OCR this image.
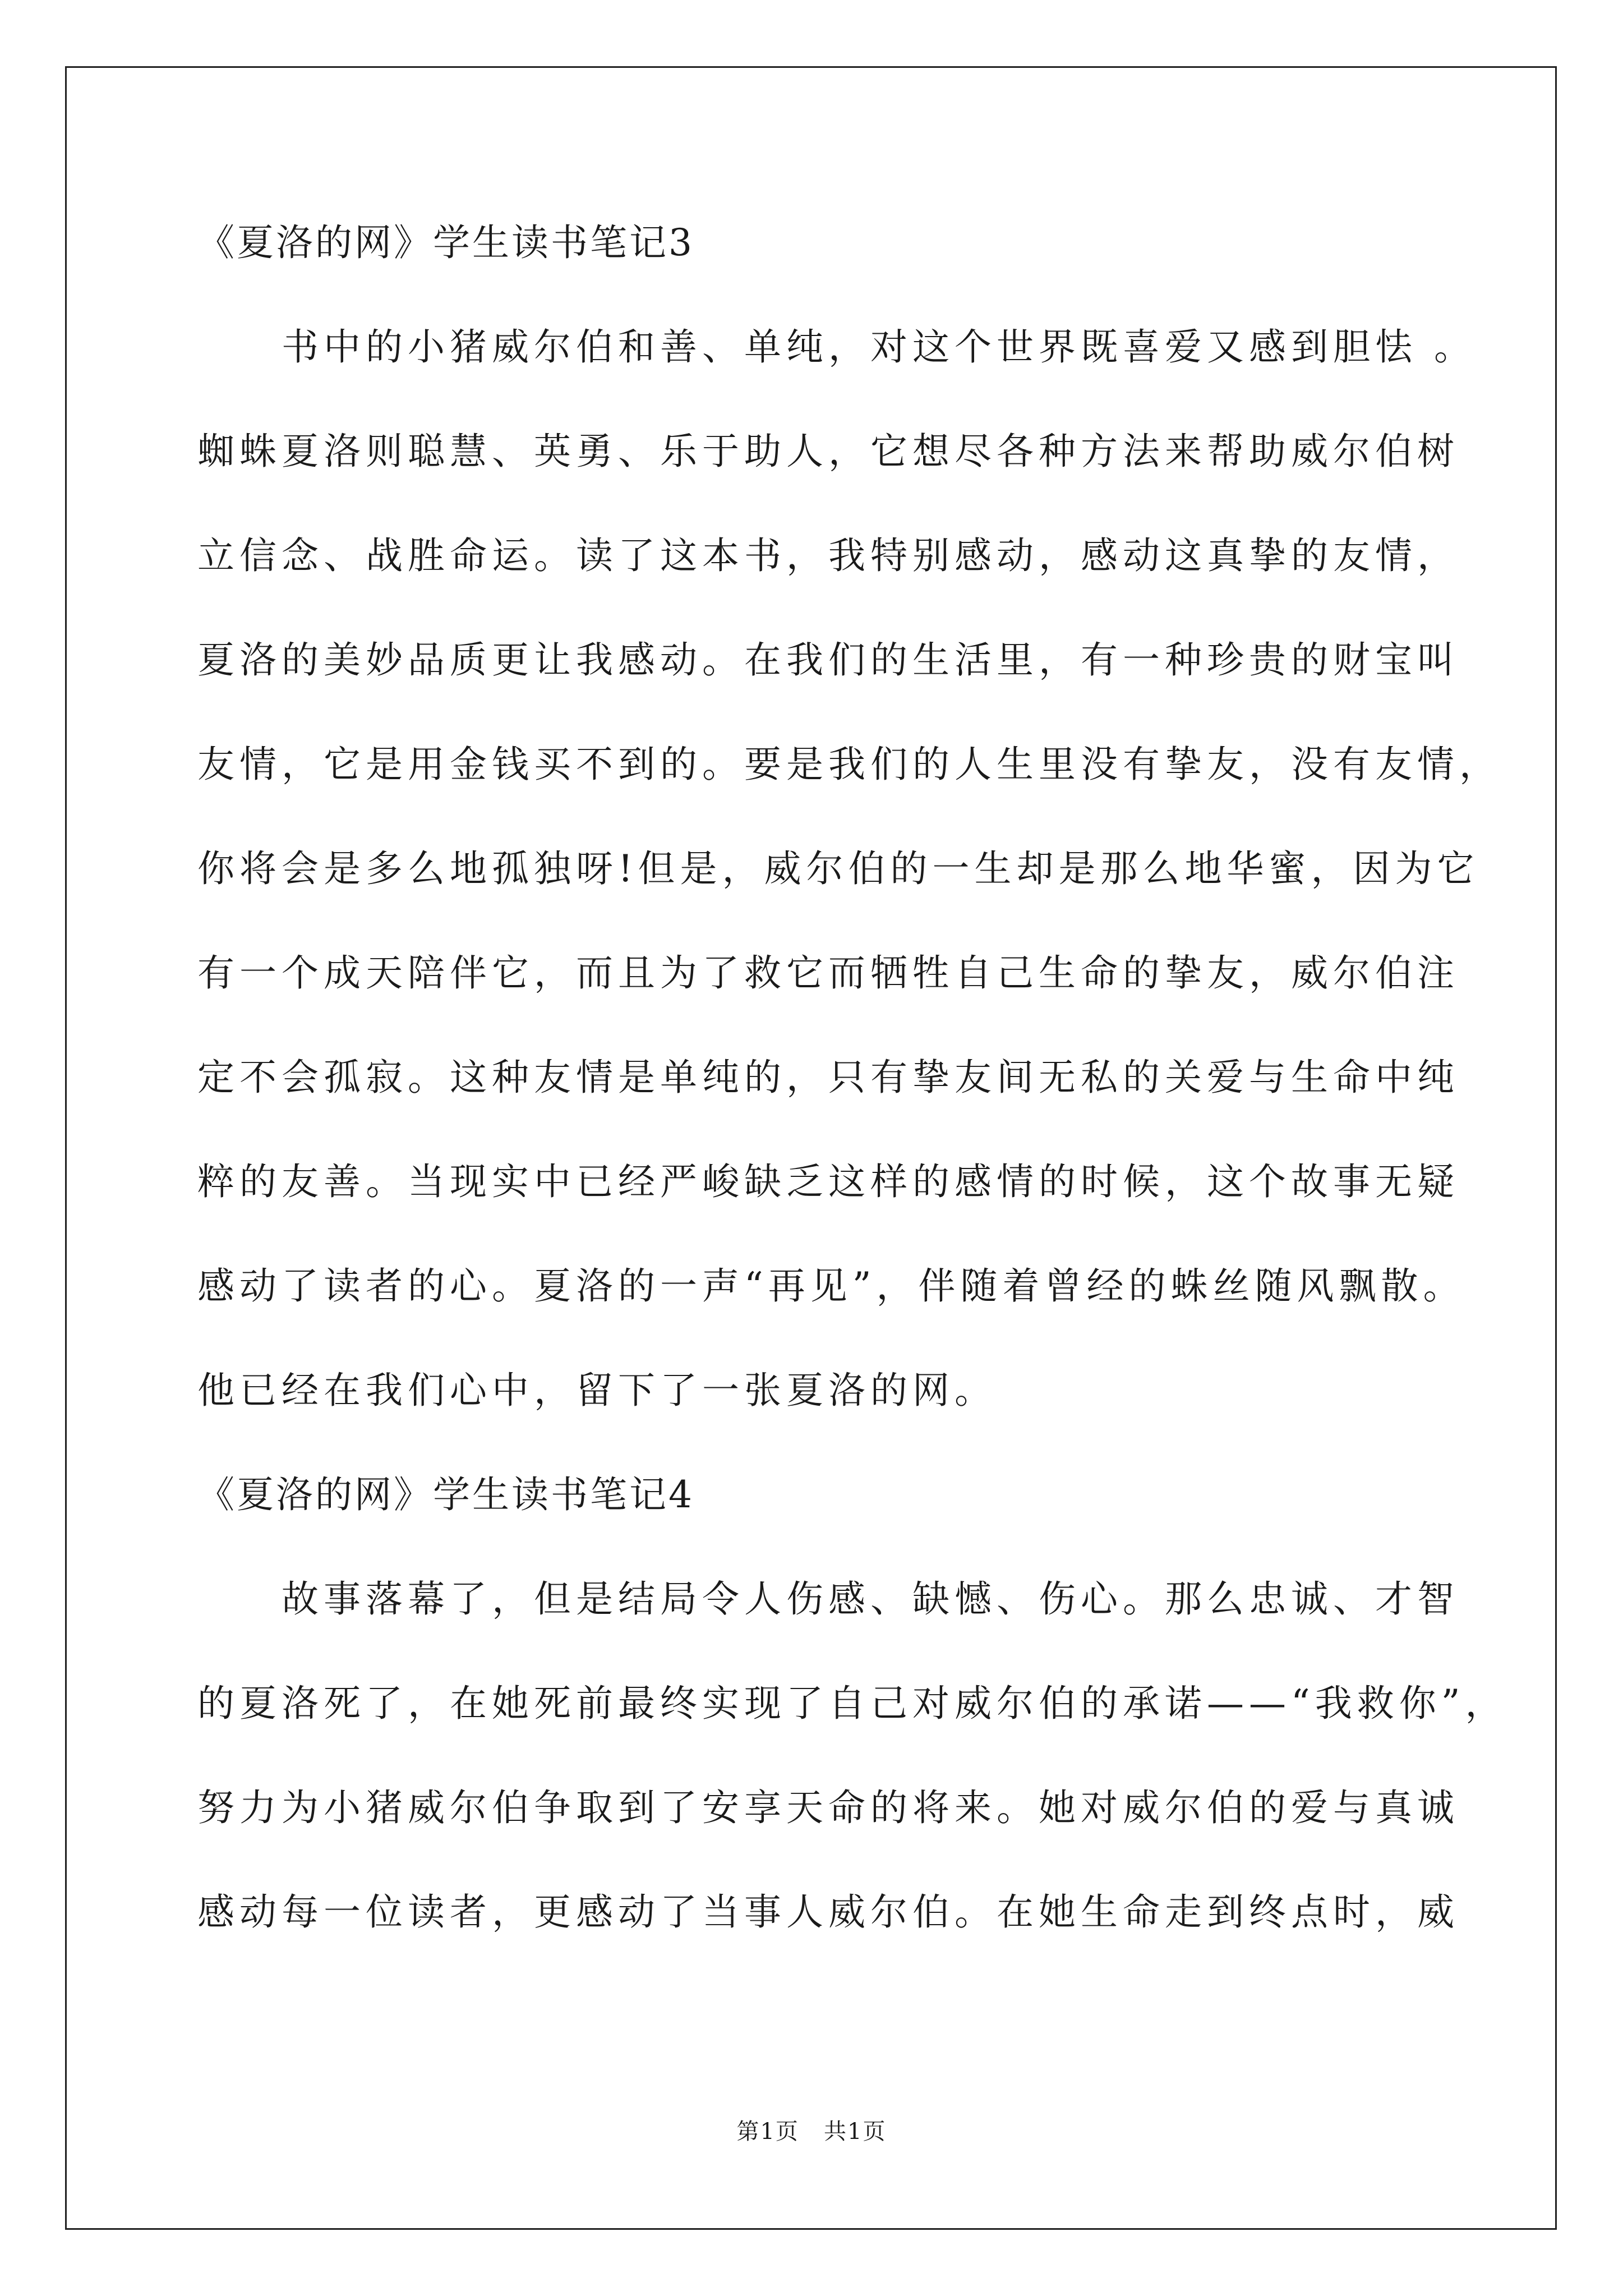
《夏洛的网》学生读书笔记3
书中的小猪威尔伯和善、单纯，对这个世界既喜爱又感到胆怯 。
蜘蛛夏洛则聪慧、英勇、乐于助人，它想尽各种方法来帮助威尔伯树
立信念、战胜命运。读了这本书，我特别感动，感动这真挚的友情，
夏洛的美妙品质更让我感动。在我们的生活里，有一种珍贵的财宝叫
友情，它是用金钱买不到的。要是我们的人生里没有挚友，没有友情，
你将会是多么地孤独呀!但是，威尔伯的一生却是那么地华蜜，因为它
有一个成天陪伴它，而且为了救它而牺牲自己生命的挚友，威尔伯注
定不会孤寂。这种友情是单纯的，只有挚友间无私的关爱与生命中纯
粹的友善。当现实中已经严峻缺乏这样的感情的时候，这个故事无疑
感动了读者的心。夏洛的一声“再见”，伴随着曾经的蛛丝随风飘散。
他已经在我们心中，留下了一张夏洛的网。
《夏洛的网》学生读书笔记4
故事落幕了，但是结局令人伤感、缺憾、伤心。那么忠诚、才智
的夏洛死了，在她死前最终实现了自己对威尔伯的承诺——“我救你”，
努力为小猪威尔伯争取到了安享天命的将来。她对威尔伯的爱与真诚
感动每一位读者，更感动了当事人威尔伯。在她生命走到终点时，威
第1页   共1页
